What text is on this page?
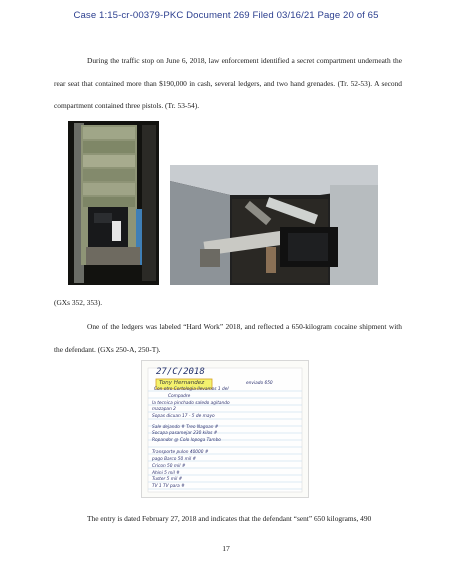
Case 1:15-cr-00379-PKC Document 269 Filed 03/16/21 Page 20 of 65

During the traffic stop on June 6, 2018, law enforcement identified a secret compartment underneath the rear seat that contained more than $190,000 in cash, several ledgers, and two hand grenades. (Tr. 52-53). A second compartment contained three pistols. (Tr. 53-54).

(GXs 352, 353).

One of the ledgers was labeled “Hard Work” 2018, and reflected a 650-kilogram cocaine shipment with the defendant. (GXs 250-A, 250-T).

27/C/2018
Tony Hernandez	enviado 650
Con otro Cortologia llevamos 1 del
Compadre
la tecnica pinchado saledo agitando
mazapan 2
Sopas dicuan 17 - 5 de mayo
Sale dejando # Treo Nagoan #
Socapa pasamejar 230 kilos #
Ropandor @ Colo lopoga Tambo
Transporte pulon 40000 #
pago Barco 50 mil #
Cricon 50 mil #
Ahini 5 mil #
Tuster 5 mil #
TV 1 TV para #

The entry is dated February 27, 2018 and indicates that the defendant “sent” 650 kilograms, 490

17
